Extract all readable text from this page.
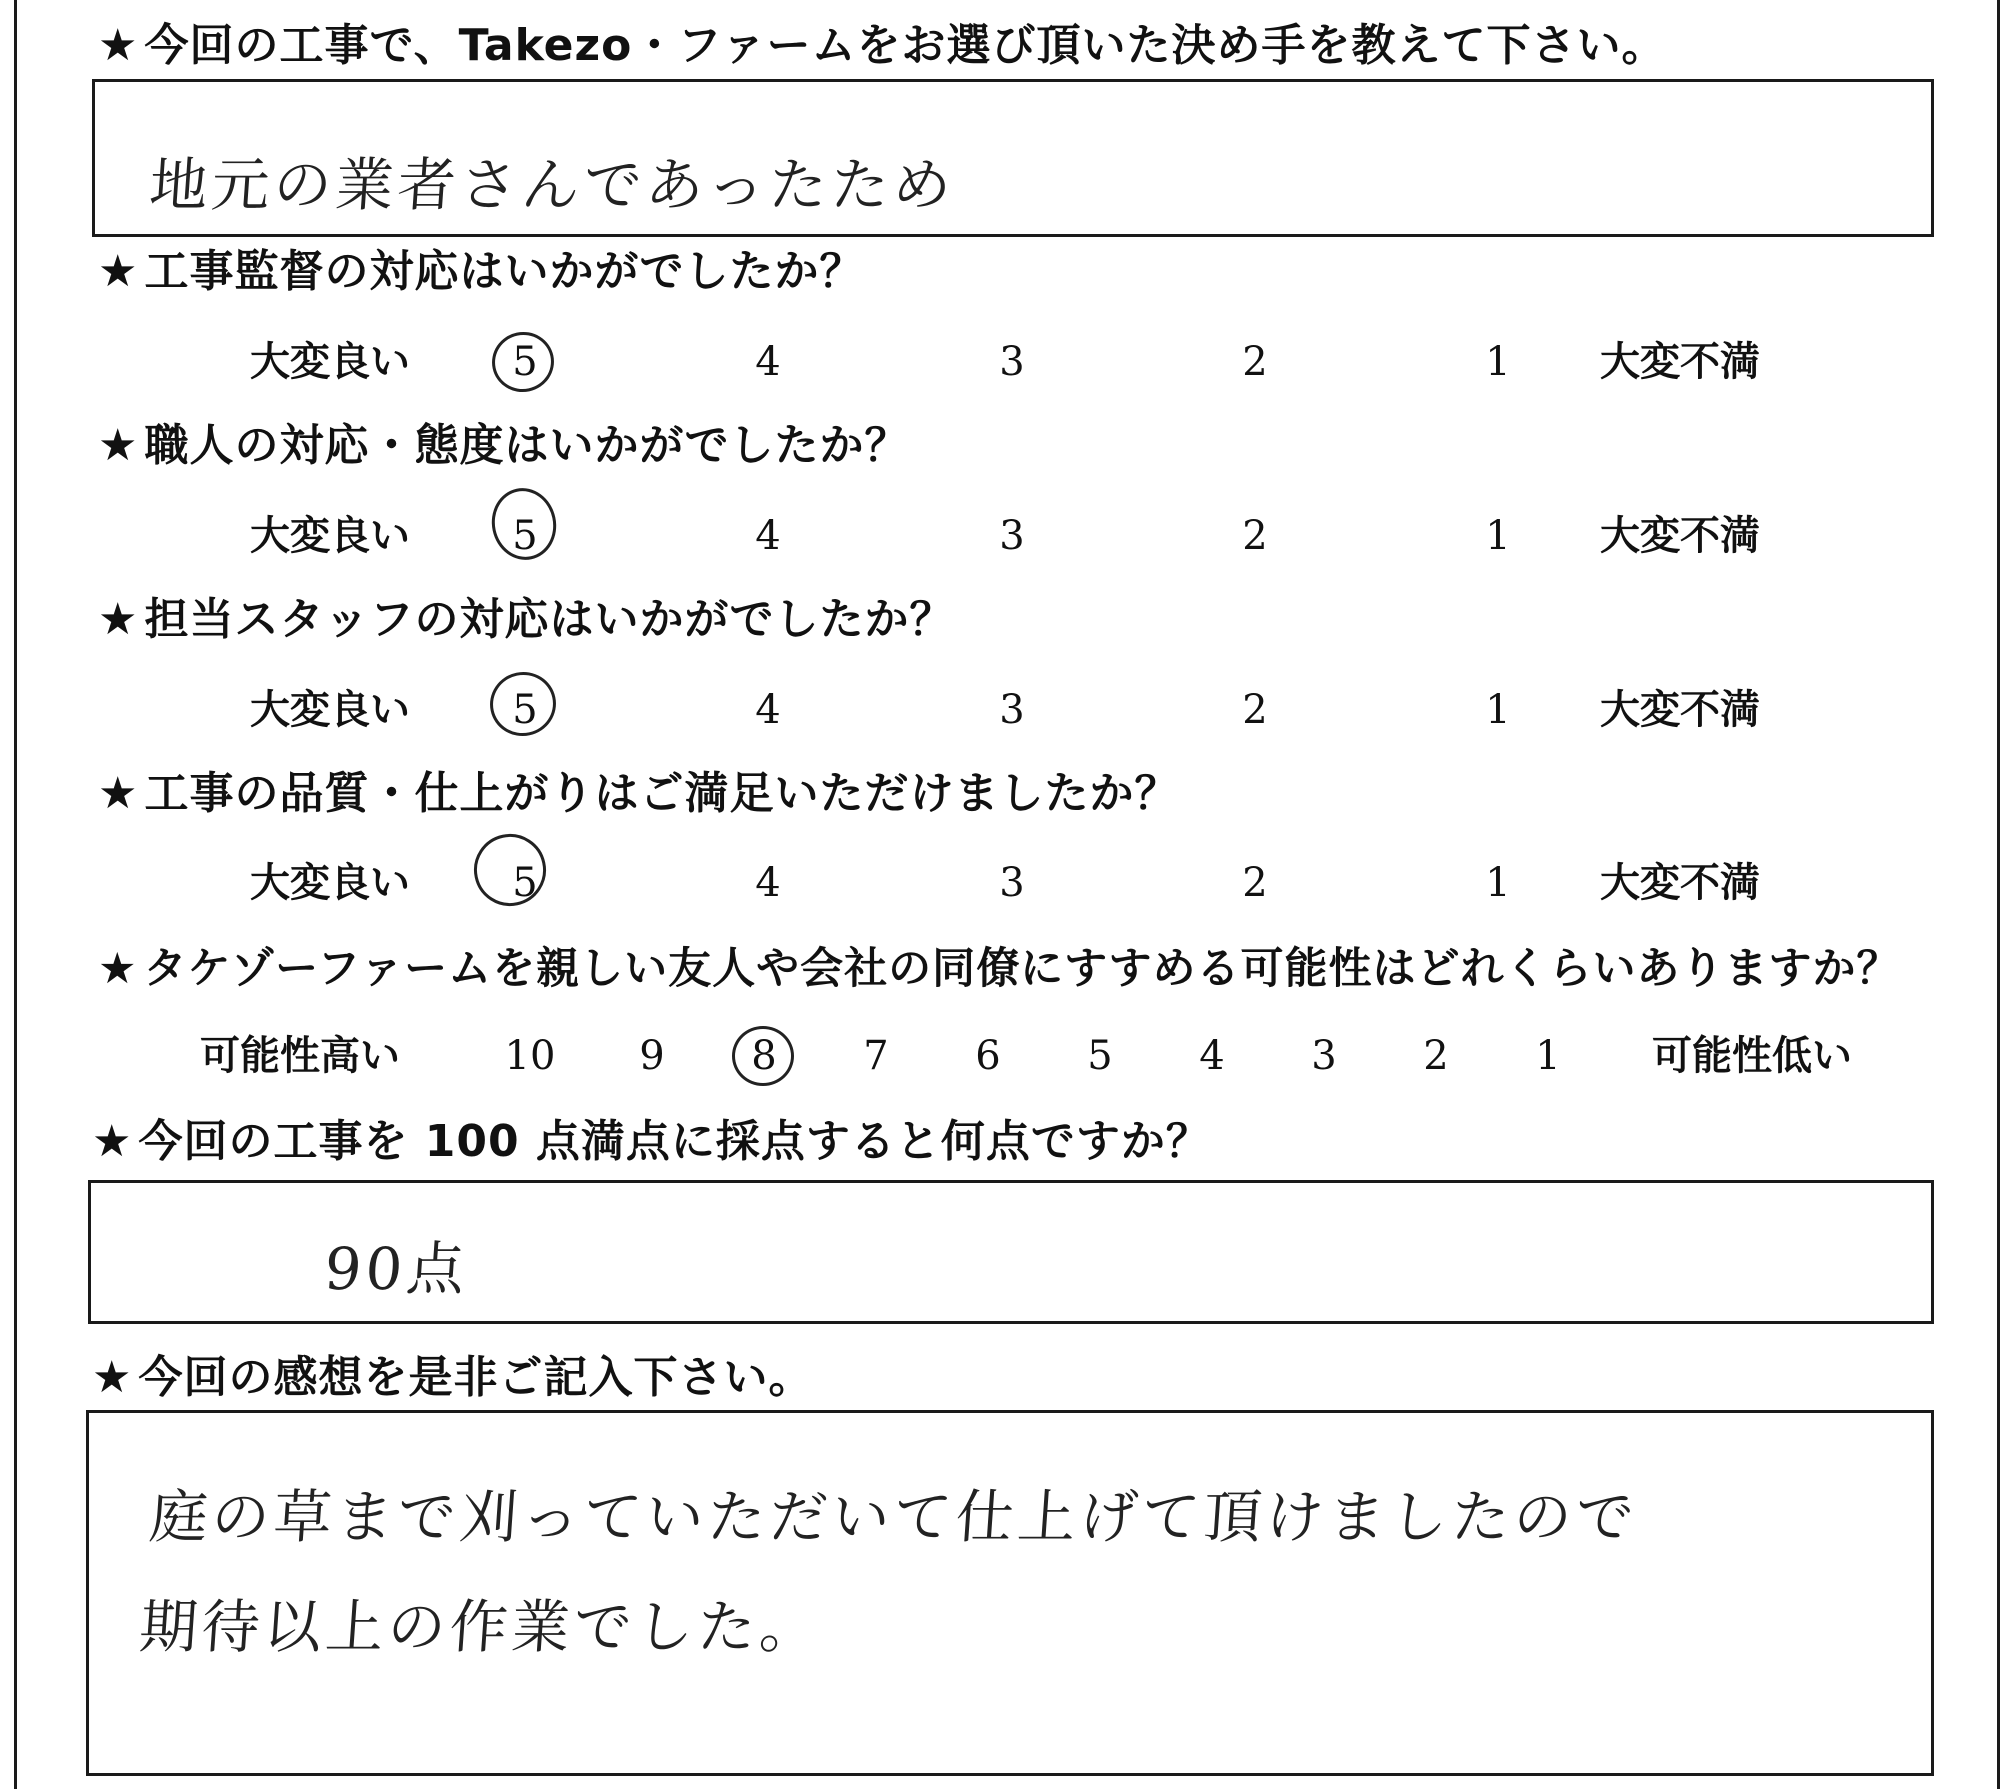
★ 今回の工事で、Takezo・ファームをお選び頂いた決め手を教えて下さい。
地元の業者さんであったため
★ 工事監督の対応はいかがでしたか？
大変良い	5	4	3	2	1	大変不満
★ 職人の対応・態度はいかがでしたか？
大変良い	5	4	3	2	1	大変不満
★ 担当スタッフの対応はいかがでしたか？
大変良い	5	4	3	2	1	大変不満
★ 工事の品質・仕上がりはご満足いただけましたか？
大変良い	5	4	3	2	1	大変不満
★ タケゾーファームを親しい友人や会社の同僚にすすめる可能性はどれくらいありますか？
可能性高い	10	9	8	7	6	5	4	3	2	1	可能性低い
★ 今回の工事を 100 点満点に採点すると何点ですか？
90点
★ 今回の感想を是非ご記入下さい。
庭の草まで刈っていただいて仕上げて頂けましたので
期待以上の作業でした。
